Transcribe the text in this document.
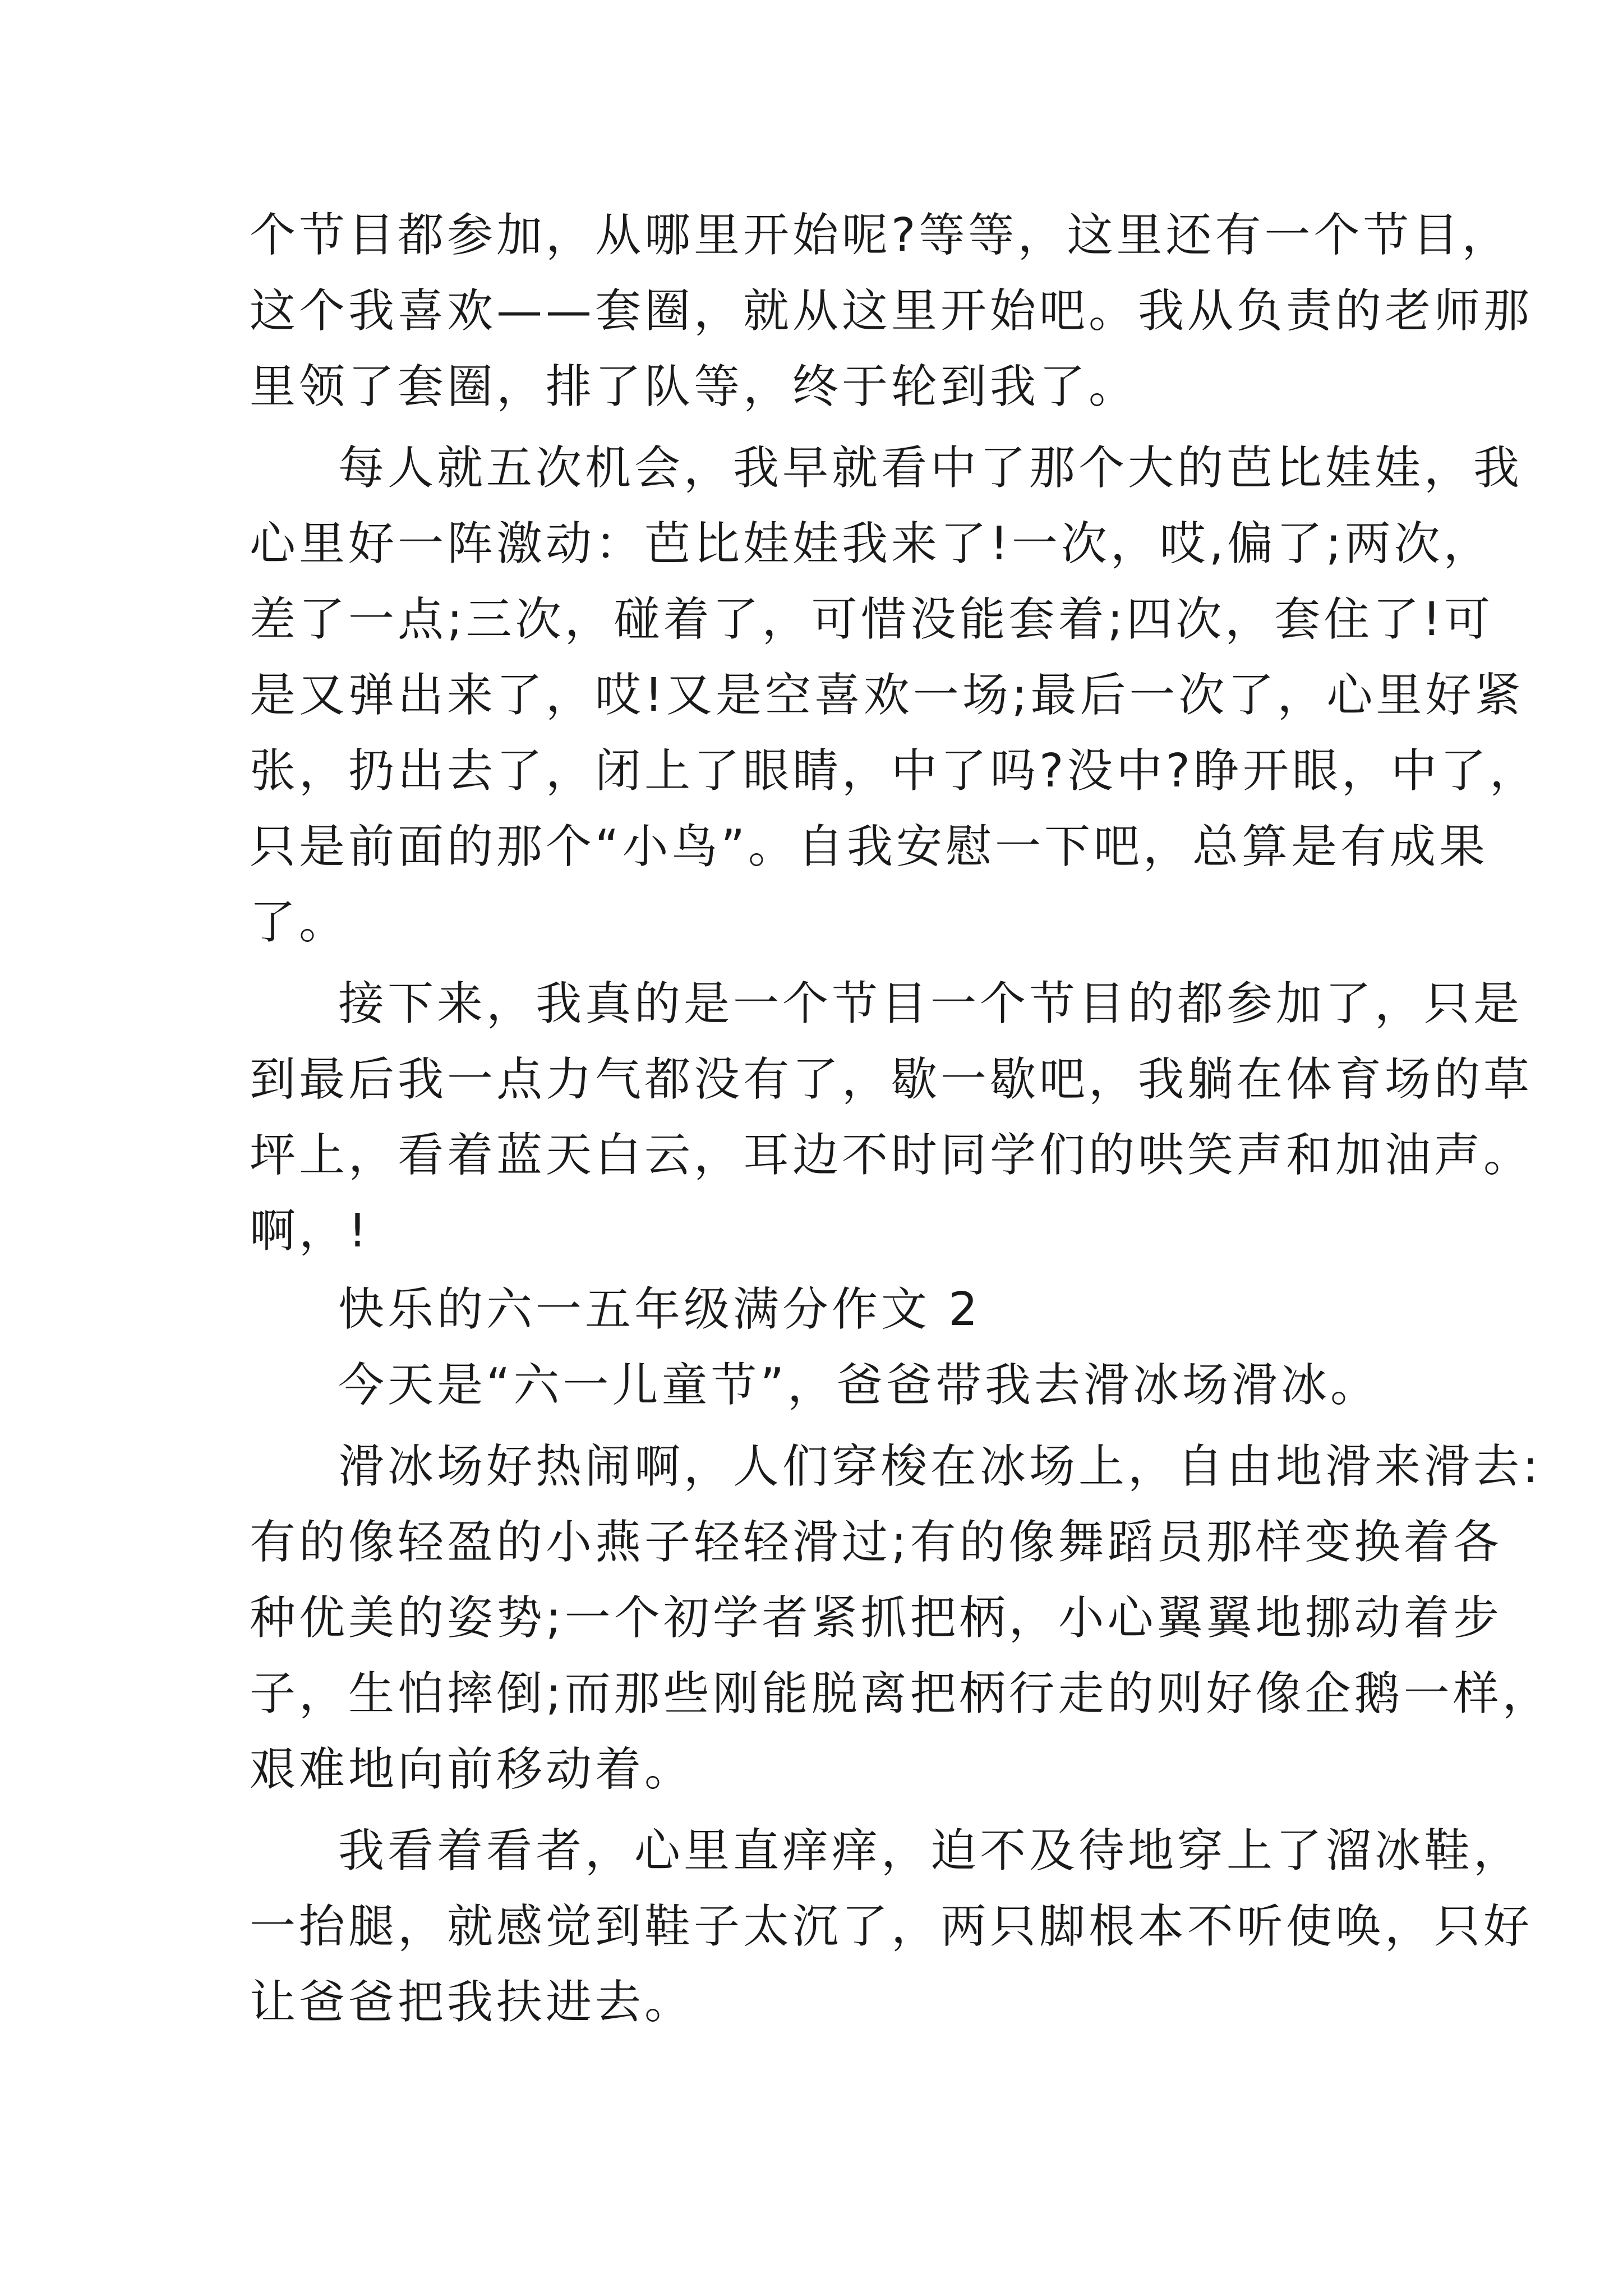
个节目都参加，从哪里开始呢?等等，这里还有一个节目，
这个我喜欢——套圈，就从这里开始吧。我从负责的老师那
里领了套圈，排了队等，终于轮到我了。
每人就五次机会，我早就看中了那个大的芭比娃娃，我
心里好一阵激动：芭比娃娃我来了!一次，哎,偏了;两次，
差了一点;三次，碰着了，可惜没能套着;四次，套住了!可
是又弹出来了，哎!又是空喜欢一场;最后一次了，心里好紧
张，扔出去了，闭上了眼睛，中了吗?没中?睁开眼，中了，
只是前面的那个“小鸟”。自我安慰一下吧，总算是有成果
了。
接下来，我真的是一个节目一个节目的都参加了，只是
到最后我一点力气都没有了，歇一歇吧，我躺在体育场的草
坪上，看着蓝天白云，耳边不时同学们的哄笑声和加油声。
啊，!
快乐的六一五年级满分作文 2
今天是“六一儿童节”，爸爸带我去滑冰场滑冰。
滑冰场好热闹啊，人们穿梭在冰场上，自由地滑来滑去:
有的像轻盈的小燕子轻轻滑过;有的像舞蹈员那样变换着各
种优美的姿势;一个初学者紧抓把柄，小心翼翼地挪动着步
子，生怕摔倒;而那些刚能脱离把柄行走的则好像企鹅一样，
艰难地向前移动着。
我看着看者，心里直痒痒，迫不及待地穿上了溜冰鞋，
一抬腿，就感觉到鞋子太沉了，两只脚根本不听使唤，只好
让爸爸把我扶进去。
